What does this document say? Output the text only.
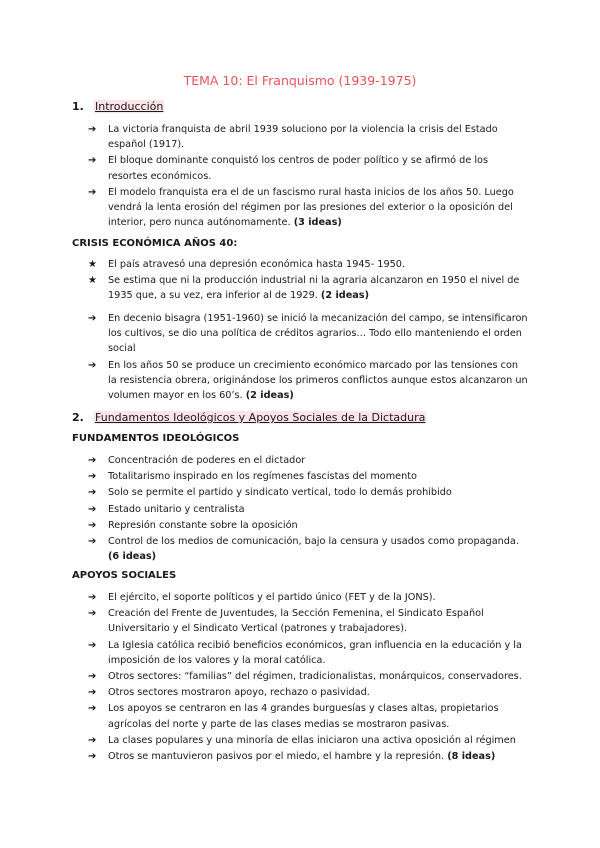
TEMA 10: El Franquismo (1939-1975)
1. Introducción
➔ La victoria franquista de abril 1939 soluciono por la violencia la crisis del Estado español (1917).
➔ El bloque dominante conquistó los centros de poder político y se afirmó de los resortes económicos.
➔ El modelo franquista era el de un fascismo rural hasta inicios de los años 50. Luego vendrá la lenta erosión del régimen por las presiones del exterior o la oposición del interior, pero nunca autónomamente. (3 ideas)
CRISIS ECONÓMICA AÑOS 40:
★ El país atravesó una depresión económica hasta 1945- 1950.
★ Se estima que ni la producción industrial ni la agraria alcanzaron en 1950 el nivel de 1935 que, a su vez, era inferior al de 1929. (2 ideas)
➔ En decenio bisagra (1951-1960) se inició la mecanización del campo, se intensificaron los cultivos, se dio una política de créditos agrarios… Todo ello manteniendo el orden social
➔ En los años 50 se produce un crecimiento económico marcado por las tensiones con la resistencia obrera, originándose los primeros conflictos aunque estos alcanzaron un volumen mayor en los 60’s. (2 ideas)
2. Fundamentos Ideológicos y Apoyos Sociales de la Dictadura
FUNDAMENTOS IDEOLÓGICOS
➔ Concentración de poderes en el dictador
➔ Totalitarismo inspirado en los regímenes fascistas del momento
➔ Solo se permite el partido y sindicato vertical, todo lo demás prohibido
➔ Estado unitario y centralista
➔ Represión constante sobre la oposición
➔ Control de los medios de comunicación, bajo la censura y usados como propaganda.(6 ideas)
APOYOS SOCIALES
➔ El ejército, el soporte políticos y el partido único (FET y de la JONS).
➔ Creación del Frente de Juventudes, la Sección Femenina, el Sindicato Español Universitario y el Sindicato Vertical (patrones y trabajadores).
➔ La Iglesia católica recibió beneficios económicos, gran influencia en la educación y la imposición de los valores y la moral católica.
➔ Otros sectores: “familias” del régimen, tradicionalistas, monárquicos, conservadores.
➔ Otros sectores mostraron apoyo, rechazo o pasividad.
➔ Los apoyos se centraron en las 4 grandes burguesías y clases altas, propietarios agrícolas del norte y parte de las clases medias se mostraron pasivas.
➔ La clases populares y una minoría de ellas iniciaron una activa oposición al régimen
➔ Otros se mantuvieron pasivos por el miedo, el hambre y la represión. (8 ideas)
